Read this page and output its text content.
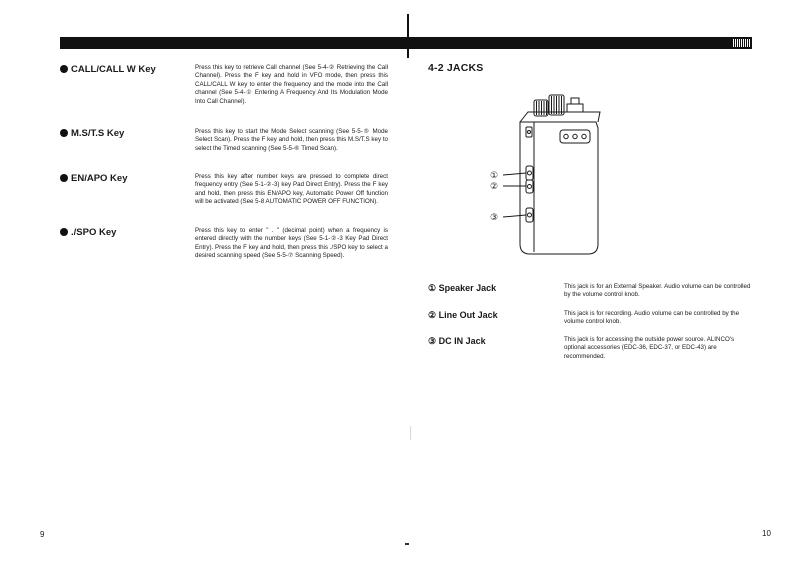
CALL/CALL W Key	Press this key to retrieve Call channel (See 5-4-② Retrieving the Call Channel). Press the F key and hold in VFO mode, then press this CALL/CALL W key to enter the frequency and the mode into the Call channel (See 5-4-① Entering A Frequency And Its Modulation Mode Into Call Channel).
M.S/T.S Key	Press this key to start the Mode Select scanning (See 5-5-⑤ Mode Select Scan). Press the F key and hold, then press this M.S/T.S key to select the Timed scanning (See 5-5-⑥ Timed Scan).
EN/APO Key	Press this key after number keys are pressed to complete direct frequency entry (See 5-1-②-3) key Pad Direct Entry). Press the F key and hold, then press this EN/APO key, Automatic Power Off function will be activated (See 5-8 AUTOMATIC POWER OFF FUNCTION).
./SPO Key	Press this key to enter " . " (decimal point) when a frequency is entered directly with the number keys (See 5-1-②-3 Key Pad Direct Entry). Press the F key and hold, then press this ./SPO key to select a desired scanning speed (See 5-5-⑦ Scanning Speed).
4-2 JACKS
①
②
③
① Speaker Jack	This jack is for an External Speaker. Audio volume can be controlled by the volume control knob.
② Line Out Jack	This jack is for recording. Audio volume can be controlled by the volume control knob.
③ DC IN Jack	This jack is for accessing the outside power source. ALINCO's optional accessories (EDC-36, EDC-37, or EDC-43) are recommended.
9	10
